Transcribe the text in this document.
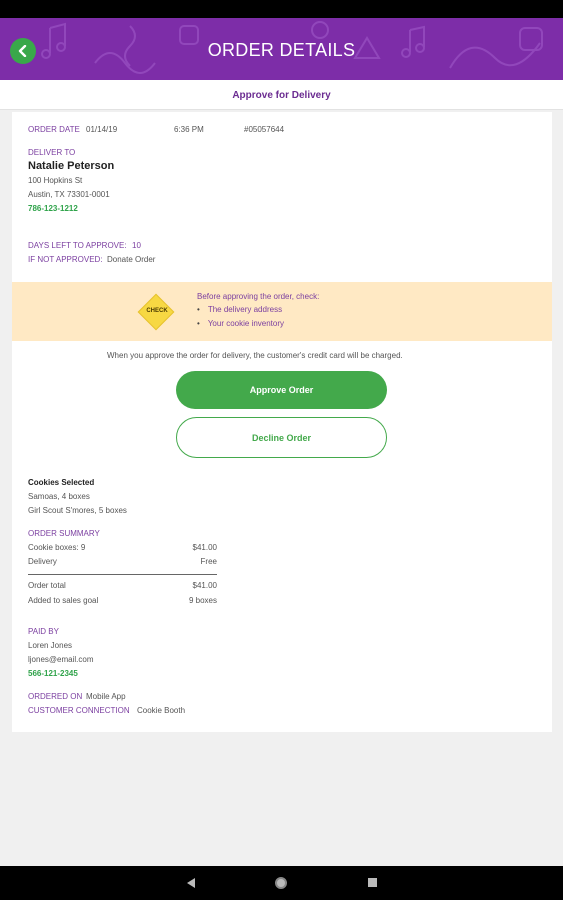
ORDER DETAILS
Approve for Delivery
ORDER DATE 01/14/19	6:36 PM	#05057644
DELIVER TO
Natalie Peterson
100 Hopkins St
Austin, TX 73301-0001
786-123-1212
DAYS LEFT TO APPROVE: 10
IF NOT APPROVED: Donate Order
CHECK
Before approving the order, check:
• The delivery address
• Your cookie inventory
When you approve the order for delivery, the customer's credit card will be charged.
Approve Order
Decline Order
Cookies Selected
Samoas, 4 boxes
Girl Scout S'mores, 5 boxes
ORDER SUMMARY
Cookie boxes: 9	$41.00
Delivery	Free
Order total	$41.00
Added to sales goal	9 boxes
PAID BY
Loren Jones
ljones@email.com
566-121-2345
ORDERED ON Mobile App
CUSTOMER CONNECTION Cookie Booth
